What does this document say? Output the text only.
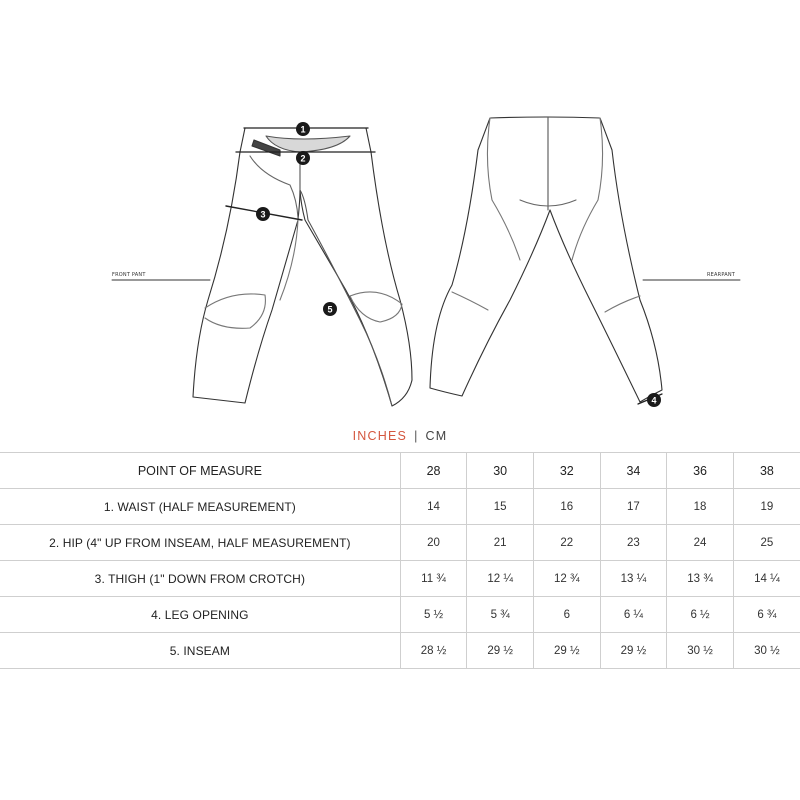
FRONT PANT	REARPANT
1
2
3
4
5
INCHES | CM
POINT OF MEASURE	28	30	32	34	36	38
1. WAIST (HALF MEASUREMENT)	14	15	16	17	18	19
2. HIP (4" UP FROM INSEAM, HALF MEASUREMENT)	20	21	22	23	24	25
3. THIGH (1" DOWN FROM CROTCH)	11 ¾	12 ¼	12 ¾	13 ¼	13 ¾	14 ¼
4. LEG OPENING	5 ½	5 ¾	6	6 ¼	6 ½	6 ¾
5. INSEAM	28 ½	29 ½	29 ½	29 ½	30 ½	30 ½
